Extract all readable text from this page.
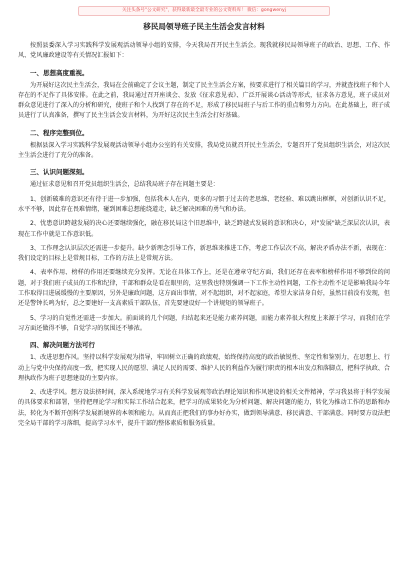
关注头条号"公文研究"，获得最新最全最专业的公文资料库！ 微信：gongwenyj
移民局领导班子民主生活会发言材料

按照县委深入学习实践科学发展观活动领导小组的安排，今天我局召开民主生活会。现我就移民局领导班子的政治、思想、工作、作风、党风廉政建设等有关情况汇报如下：

一、思想高度重视。

为开展好这次民主生活会，我局在会前确定了会议主题，制定了民主生活会方案，按要求进行了相关篇目的学习，并就查找班子和个人存在的不足作了具体安排。在此之前，我局通过召开座谈会、发放《征求意见表》、广泛开展谈心活动等形式，征求各方意见，班子成员对群众意见进行了深入的分析和研究，使班子和个人找到了存在的不足，形成了移民局班子与后工作的重点和努力方向。在此基础上，班子成员进行了认真准备，撰写了民主生活会发言材料，为开好这次民主生活会打好基础。

二、程序完整到位。

根据县深入学习实践科学发展观活动领导小组办公室的有关安排，我局党员就召开民主生活会，专题召开了党员组织生活会，对这次民主生活会进行了充分的准备。

三、认识问题深刻。

通过征求意见和召开党员组织生活会，总结我局班子存在问题主要是：

1、创新破难的意识还有待于进一步加强，包括我本人在内，更多的习惯于过去的老思维、老经验、难以跳出框框，对创新认识不足，水平不够，因此存在畏难情绪，碰到困难总想能绕道走，缺乏解决困难的勇气和办法。

2、忧患意识跨越发展的决心还要继续强化，融在移民局这个旧思维中，缺乏跨越式发展的意识和决心，对"发展"缺乏深层次认识，表现在工作中就是工作意识低。

3、工作理念认识层次还需进一步提升。缺少新理念引导工作，新思维来推进工作，考虑工作层次不高，解决矛盾办法不新，表现在：我们设定的目标上是常规目标，工作的方法上是常规方法。

4、表率作用、榜样的作用还要继续充分发挥。无论在具体工作上，还是在遵章守纪方面，我们还存在表率和榜样作用不够到位的问题，对于我们班子成员的工作和纪律，干部和群众是看在眼里的，这里我也特别强调一下工作主动性问题，工作主动性不足是影响我局今年工作取得目进展缓慢的主要原因，另外是廉政问题，这方面出事情，对不起组织，对不起家庭，希望大家洁身自好，虽然目前没有发现，但还是警钟长鸣为好，总之要建好一支高素质干部队伍，首先要建设好一个讲规矩的领导班子。

5、学习的自觉性还需进一步加大。前面谈的几个问题，归结起来还是能力素养问题，而能力素养很大程度上来源于学习，而我们在学习方面还做得不够，自觉学习的氛围还不够浓。

四、解决问题方法可行

1、改进思想作风。坚持以科学发展观为指导，牢固树立正确的政绩观，始终保持高度的政治敏锐性、坚定性和鉴别力，在思想上、行动上与党中央保持高度一致，把实现人民的愿望、满足人民的需要、维护人民的利益作为履行职责的根本出发点和落脚点，把科学执政、合理执政作为班子思想建设的主要内容。

2、改进学风。想方设法挤时间，深入系统地学习有关科学发展观等政治理论知识和作风建设的相关文件精神，学习我县将于科学发展的具体要求和部署，坚持把理论学习和实际工作结合起来，把学习的成果转化为分析问题、解决问题的能力，转化为推动工作的思路和办法，转化为不断开创科学发展新境界的本领和能力。从而真正把我们的事办好办实，做到领导满意、移民满意、干部满意。同时要方设法把完全局干部的学习落细，提高学习水平，提升干部的整体素质和服务质量。
